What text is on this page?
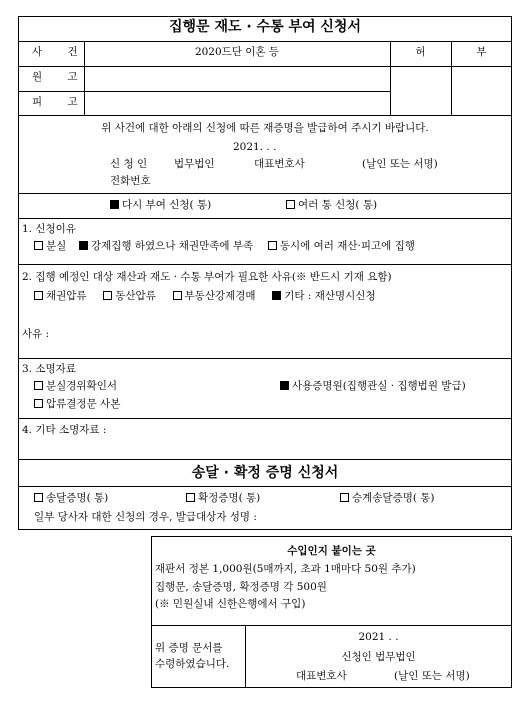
집행문 재도 · 수통 부여 신청서
사 건	2020드단 이혼 등	허	부
원 고
피 고
위 사건에 대한 아래의 신청에 따른 재증명을 발급하여 주시기 바랍니다.
2021. . .
신 청 인	법무법인	대표변호사	(날인 또는 서명)
전화번호
다시 부여 신청( 통)	여러 통 신청( 통)
1. 신청이유
분실 강제집행 하였으나 채권만족에 부족	동시에 여러 재산·피고에 집행
2. 집행 예정인 대상 재산과 재도 · 수통 부여가 필요한 사유(※ 반드시 기재 요함)
채권압류	동산압류	부동산강제경매	기타 : 재산명시신청
사유 :
3. 소명자료
분실경위확인서	사용증명원(집행관실 · 집행법원 발급)
압류결정문 사본
4. 기타 소명자료 :
송달 · 확정 증명 신청서
송달증명( 통)	확정증명( 통)	승계송달증명( 통)
일부 당사자 대한 신청의 경우, 발급대상자 성명 :
수입인지 붙이는 곳
재판서 정본 1,000원(5매까지, 초과 1매마다 50원 추가)
집행문, 송달증명, 확정증명 각 500원
(※ 민원실내 신한은행에서 구입)
위 증명 문서를
수령하였습니다.
2021 . .
신청인 법무법인
대표변호사	(날인 또는 서명)
